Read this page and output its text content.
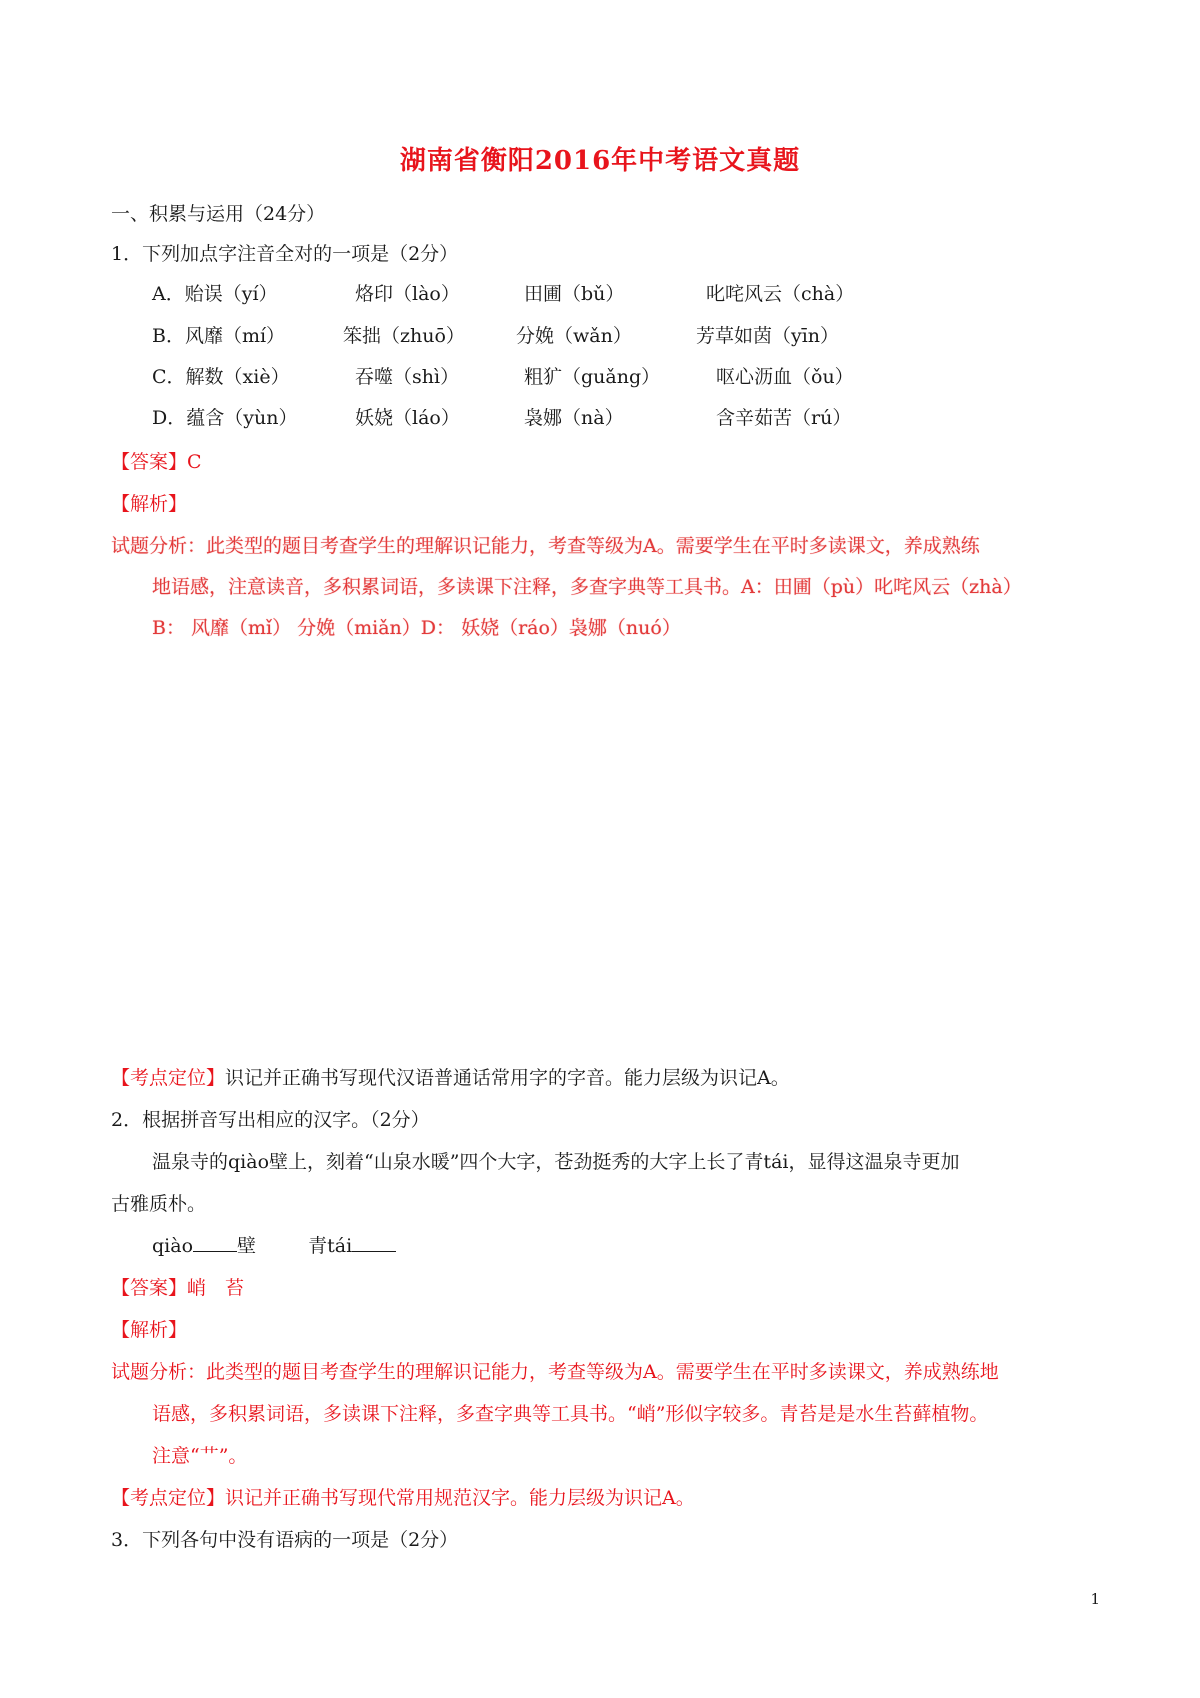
湖南省衡阳2016年中考语文真题
一、积累与运用（24分）
1．下列加点字注音全对的一项是（2分）
A．贻误（yí）	烙印（lào）	田圃（bǔ）	叱咤风云（chà）
B．风靡（mí）	笨拙（zhuō）	分娩（wǎn）	芳草如茵（yīn）
C．解数（xiè）	吞噬（shì）	粗犷（guǎng）	呕心沥血（ǒu）
D．蕴含（yùn）	妖娆（láo）	袅娜（nà）	含辛茹苦（rú）
【答案】C
【解析】
试题分析：此类型的题目考查学生的理解识记能力，考查等级为A。需要学生在平时多读课文，养成熟练
地语感，注意读音，多积累词语，多读课下注释，多查字典等工具书。A：田圃（pù）叱咤风云（zhà）
B： 风靡（mǐ） 分娩（miǎn）D： 妖娆（ráo）袅娜（nuó）
【考点定位】识记并正确书写现代汉语普通话常用字的字音。能力层级为识记A。
2．根据拼音写出相应的汉字。（2分）
温泉寺的qiào壁上，刻着“山泉水暖”四个大字，苍劲挺秀的大字上长了青tái，显得这温泉寺更加
古雅质朴。
qiào 壁	青tái
【答案】峭　苔
【解析】
试题分析：此类型的题目考查学生的理解识记能力，考查等级为A。需要学生在平时多读课文，养成熟练地
语感，多积累词语，多读课下注释，多查字典等工具书。“峭”形似字较多。青苔是是水生苔藓植物。
注意“艹”。
【考点定位】识记并正确书写现代常用规范汉字。能力层级为识记A。
3．下列各句中没有语病的一项是（2分）
1
